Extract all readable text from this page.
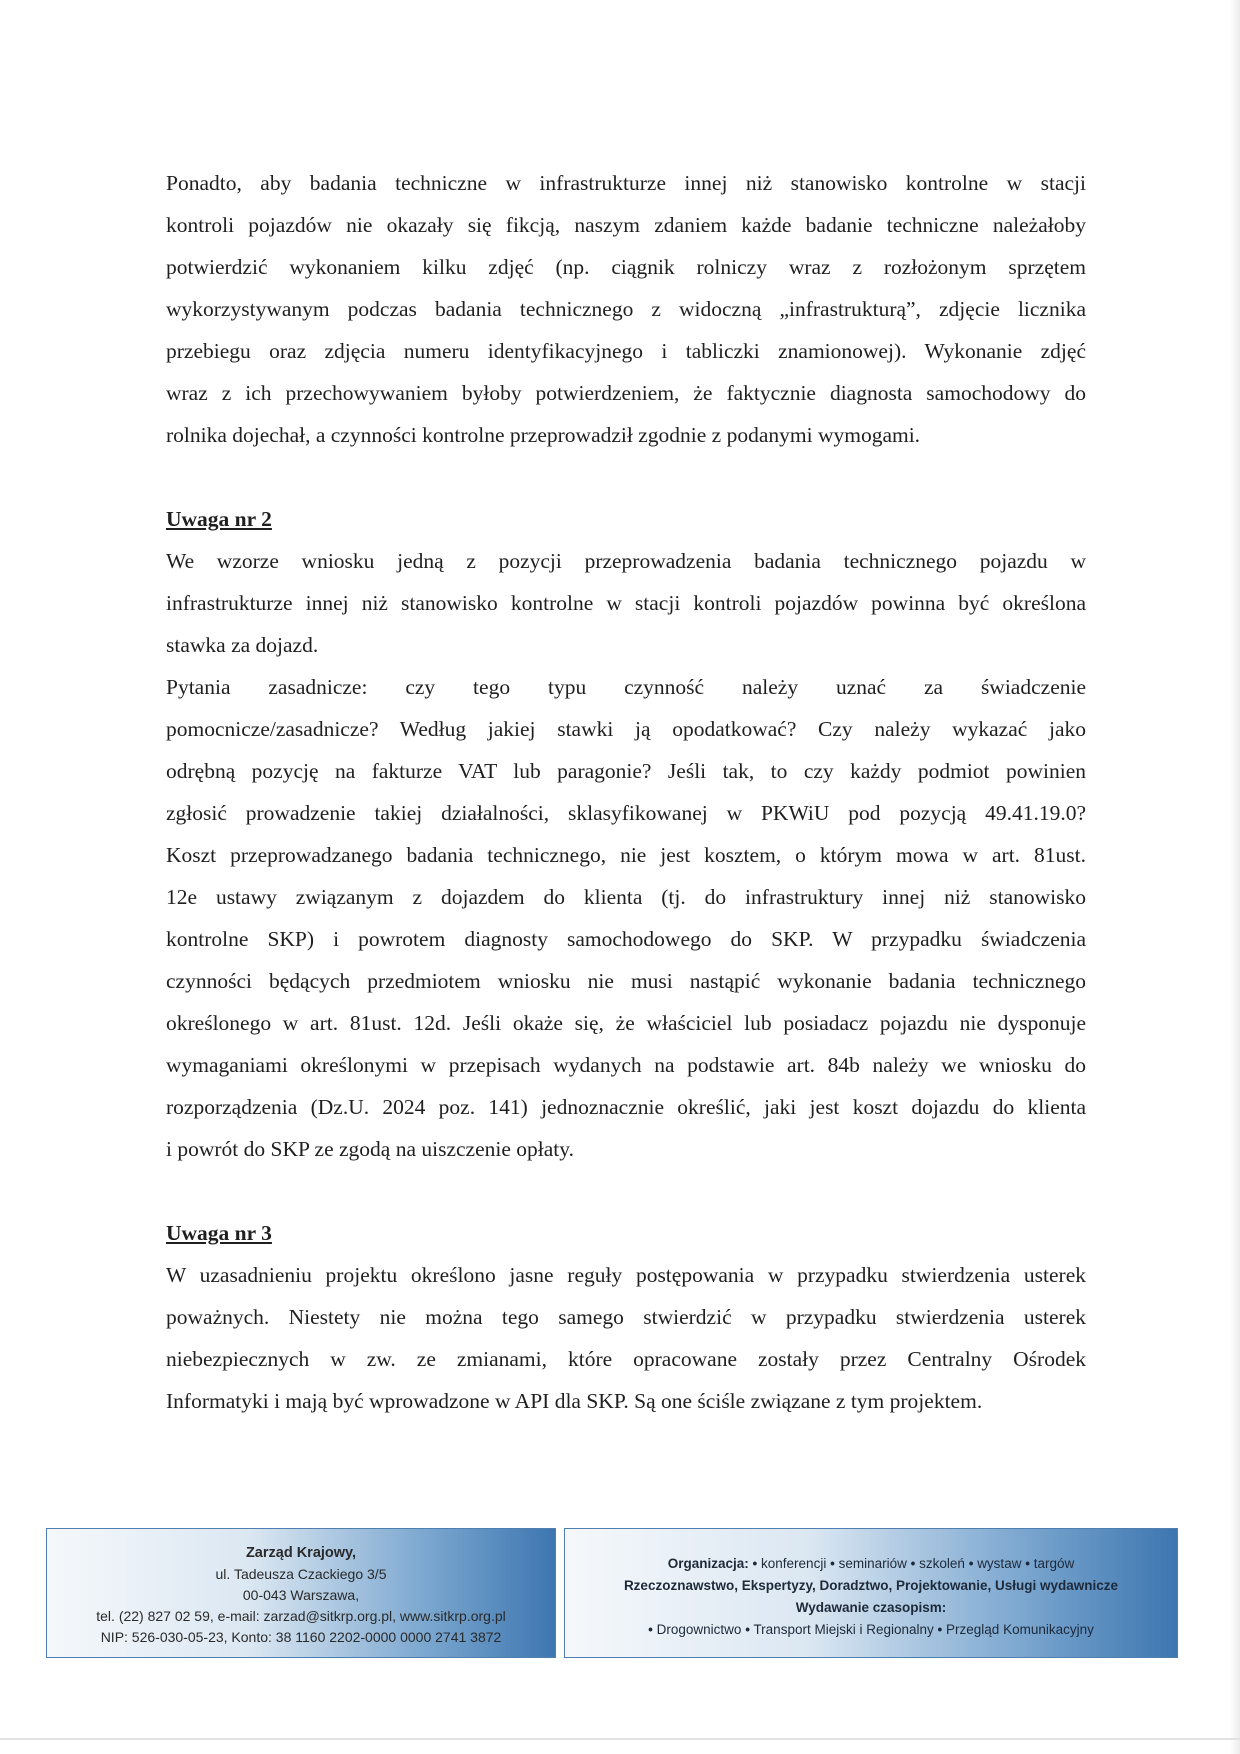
Ponadto, aby badania techniczne w infrastrukturze innej niż stanowisko kontrolne w stacji

kontroli pojazdów nie okazały się fikcją, naszym zdaniem każde badanie techniczne należałoby

potwierdzić wykonaniem kilku zdjęć (np. ciągnik rolniczy wraz z rozłożonym sprzętem

wykorzystywanym podczas badania technicznego z widoczną „infrastrukturą”, zdjęcie licznika

przebiegu oraz zdjęcia numeru identyfikacyjnego i tabliczki znamionowej). Wykonanie zdjęć

wraz z ich przechowywaniem byłoby potwierdzeniem, że faktycznie diagnosta samochodowy do

rolnika dojechał, a czynności kontrolne przeprowadził zgodnie z podanymi wymogami.

Uwaga nr 2

We wzorze wniosku jedną z pozycji przeprowadzenia badania technicznego pojazdu w

infrastrukturze innej niż stanowisko kontrolne w stacji kontroli pojazdów powinna być określona

stawka za dojazd.

Pytania zasadnicze: czy tego typu czynność należy uznać za świadczenie

pomocnicze/zasadnicze? Według jakiej stawki ją opodatkować? Czy należy wykazać jako

odrębną pozycję na fakturze VAT lub paragonie? Jeśli tak, to czy każdy podmiot powinien

zgłosić prowadzenie takiej działalności, sklasyfikowanej w PKWiU pod pozycją 49.41.19.0?

Koszt przeprowadzanego badania technicznego, nie jest kosztem, o którym mowa w art. 81ust.

12e ustawy związanym z dojazdem do klienta (tj. do infrastruktury innej niż stanowisko

kontrolne SKP) i powrotem diagnosty samochodowego do SKP. W przypadku świadczenia

czynności będących przedmiotem wniosku nie musi nastąpić wykonanie badania technicznego

określonego w art. 81ust. 12d. Jeśli okaże się, że właściciel lub posiadacz pojazdu nie dysponuje

wymaganiami określonymi w przepisach wydanych na podstawie art. 84b należy we wniosku do

rozporządzenia (Dz.U. 2024 poz. 141) jednoznacznie określić, jaki jest koszt dojazdu do klienta

i powrót do SKP ze zgodą na uiszczenie opłaty.

Uwaga nr 3

W uzasadnieniu projektu określono jasne reguły postępowania w przypadku stwierdzenia usterek

poważnych. Niestety nie można tego samego stwierdzić w przypadku stwierdzenia usterek

niebezpiecznych w zw. ze zmianami, które opracowane zostały przez Centralny Ośrodek

Informatyki i mają być wprowadzone w API dla SKP. Są one ściśle związane z tym projektem.

Zarząd Krajowy,
ul. Tadeusza Czackiego 3/5
00-043 Warszawa,
tel. (22) 827 02 59, e-mail: zarzad@sitkrp.org.pl, www.sitkrp.org.pl
NIP: 526-030-05-23, Konto: 38 1160 2202-0000 0000 2741 3872
Organizacja: • konferencji • seminariów • szkoleń • wystaw • targów
Rzeczoznawstwo, Ekspertyzy, Doradztwo, Projektowanie, Usługi wydawnicze
Wydawanie czasopism:
• Drogownictwo • Transport Miejski i Regionalny • Przegląd Komunikacyjny
